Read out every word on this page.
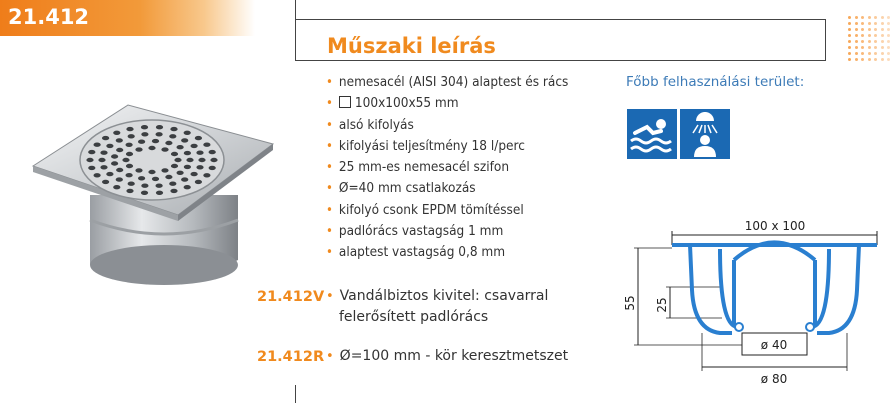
21.412
Műszaki leírás
• nemesacél (AISI 304) alaptest és rács
• 100x100x55 mm
• alsó kifolyás
• kifolyási teljesítmény 18 l/perc
• 25 mm-es nemesacél szifon
• Ø=40 mm csatlakozás
• kifolyó csonk EPDM tömítéssel
• padlórács vastagság 1 mm
• alaptest vastagság 0,8 mm
21.412V • Vandálbiztos kivitel: csavarral
felerősített padlórács
21.412R • Ø=100 mm - kör keresztmetszet
Főbb felhasználási terület:
100 x 100
55 25
ø 40
ø 80
